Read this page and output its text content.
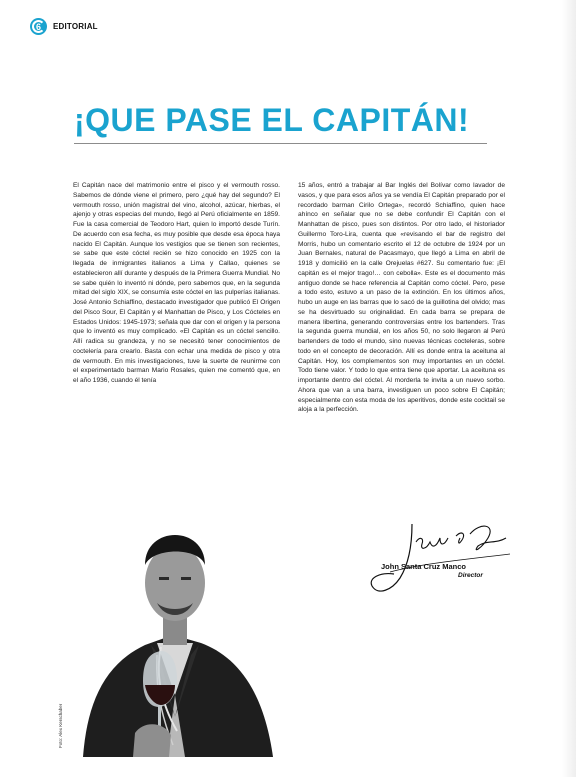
6 EDITORIAL
¡QUE PASE EL CAPITÁN!

El Capitán nace del matrimonio entre el pisco y el vermouth rosso. Sabemos de dónde viene el primero, pero ¿qué hay del segundo? El vermouth rosso, unión magistral del vino, alcohol, azúcar, hierbas, el ajenjo y otras especias del mundo, llegó al Perú oficialmente en 1859. Fue la casa comercial de Teodoro Hart, quien lo importó desde Turín. De acuerdo con esa fecha, es muy posible que desde esa época haya nacido El Capitán. Aunque los vestigios que se tienen son recientes, se sabe que este cóctel recién se hizo conocido en 1925 con la llegada de inmigrantes italianos a Lima y Callao, quienes se establecieron allí durante y después de la Primera Guerra Mundial. No se sabe quién lo inventó ni dónde, pero sabemos que, en la segunda mitad del siglo XIX, se consumía este cóctel en las pulperías italianas. José Antonio Schiaffino, destacado investigador que publicó El Origen del Pisco Sour, El Capitán y el Manhattan de Pisco, y Los Cócteles en Estados Unidos: 1945-1973; señala que dar con el origen y la persona que lo inventó es muy complicado. «El Capitán es un cóctel sencillo. Allí radica su grandeza, y no se necesitó tener conocimientos de coctelería para crearlo. Basta con echar una medida de pisco y otra de vermouth. En mis investigaciones, tuve la suerte de reunirme con el experimentado barman Mario Rosales, quien me comentó que, en el año 1936, cuando él tenía

15 años, entró a trabajar al Bar Inglés del Bolívar como lavador de vasos, y que para esos años ya se vendía El Capitán preparado por el recordado barman Cirilo Ortega», recordó Schiaffino, quien hace ahínco en señalar que no se debe confundir El Capitán con el Manhattan de pisco, pues son distintos. Por otro lado, el historiador Guillermo Toro-Lira, cuenta que «revisando el bar de registro del Morris, hubo un comentario escrito el 12 de octubre de 1924 por un Juan Bernales, natural de Pacasmayo, que llegó a Lima en abril de 1918 y domicilió en la calle Orejuelas #627. Su comentario fue: ¡El capitán es el mejor trago!… con cebolla». Este es el documento más antiguo donde se hace referencia al Capitán como cóctel. Pero, pese a todo esto, estuvo a un paso de la extinción. En los últimos años, hubo un auge en las barras que lo sacó de la guillotina del olvido; mas se ha desvirtuado su originalidad. En cada barra se prepara de manera libertina, generando controversias entre los bartenders. Tras la segunda guerra mundial, en los años 50, no solo llegaron al Perú bartenders de todo el mundo, sino nuevas técnicas cocteleras, sobre todo en el concepto de decoración. Allí es donde entra la aceituna al Capitán. Hoy, los complementos son muy importantes en un cóctel. Todo tiene valor. Y todo lo que entra tiene que aportar. La aceituna es importante dentro del cóctel. Al morderla te invita a un nuevo sorbo. Ahora que van a una barra, investiguen un poco sobre El Capitán; especialmente con esta moda de los aperitivos, donde este cocktail se aloja a la perfección.

John Santa Cruz Manco
Director
Foto: Alex Kerschaber
